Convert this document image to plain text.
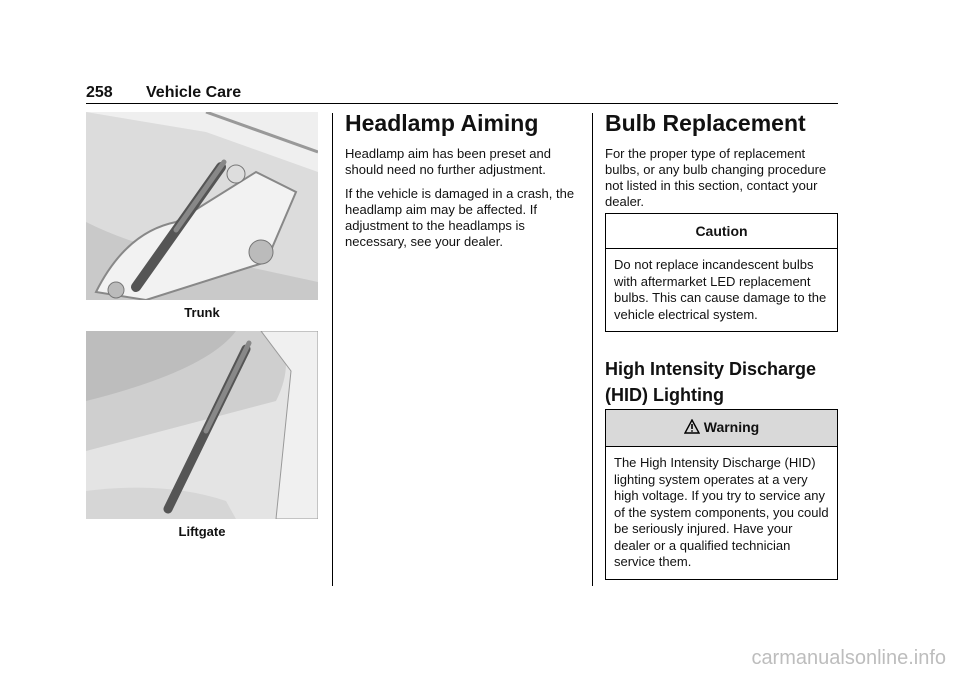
258 Vehicle Care
Trunk
Liftgate
Headlamp Aiming

Headlamp aim has been preset and should need no further adjustment.

If the vehicle is damaged in a crash, the headlamp aim may be affected. If adjustment to the headlamps is necessary, see your dealer.

Bulb Replacement

For the proper type of replacement bulbs, or any bulb changing procedure not listed in this section, contact your dealer.

Caution
Do not replace incandescent bulbs with aftermarket LED replacement bulbs. This can cause damage to the vehicle electrical system.
High Intensity Discharge (HID) Lighting
Warning
The High Intensity Discharge (HID) lighting system operates at a very high voltage. If you try to service any of the system components, you could be seriously injured. Have your dealer or a qualified technician service them.
carmanualsonline.info
